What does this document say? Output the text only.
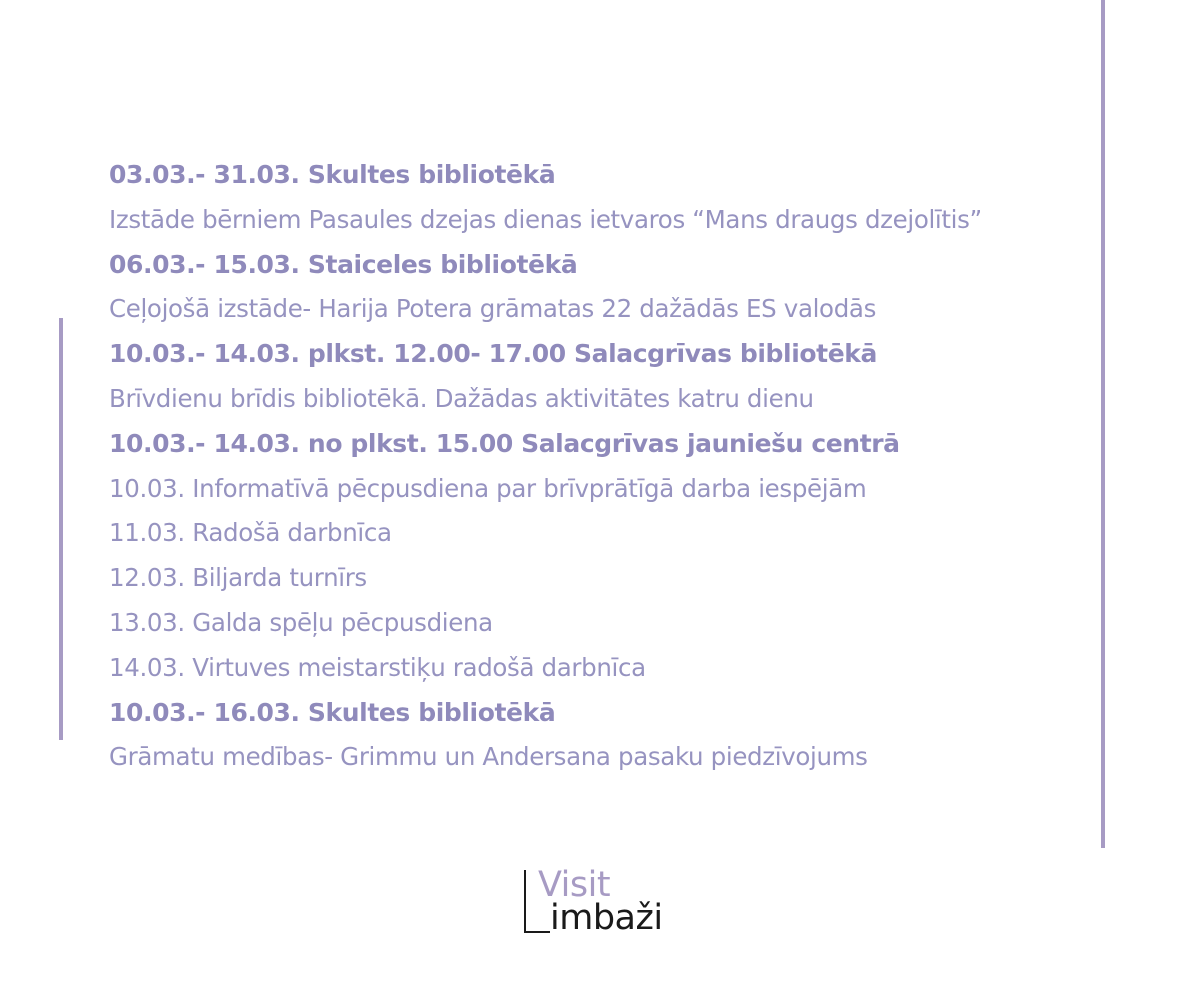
03.03.- 31.03. Skultes bibliotēkā
Izstāde bērniem Pasaules dzejas dienas ietvaros “Mans draugs dzejolītis”
06.03.- 15.03. Staiceles bibliotēkā
Ceļojošā izstāde- Harija Potera grāmatas 22 dažādās ES valodās
10.03.- 14.03. plkst. 12.00- 17.00 Salacgrīvas bibliotēkā
Brīvdienu brīdis bibliotēkā. Dažādas aktivitātes katru dienu
10.03.- 14.03. no plkst. 15.00 Salacgrīvas jauniešu centrā
10.03. Informatīvā pēcpusdiena par brīvprātīgā darba iespējām
11.03. Radošā darbnīca
12.03. Biljarda turnīrs
13.03. Galda spēļu pēcpusdiena
14.03. Virtuves meistarstiķu radošā darbnīca
10.03.- 16.03. Skultes bibliotēkā
Grāmatu medības- Grimmu un Andersana pasaku piedzīvojums
Visit
imbaži
